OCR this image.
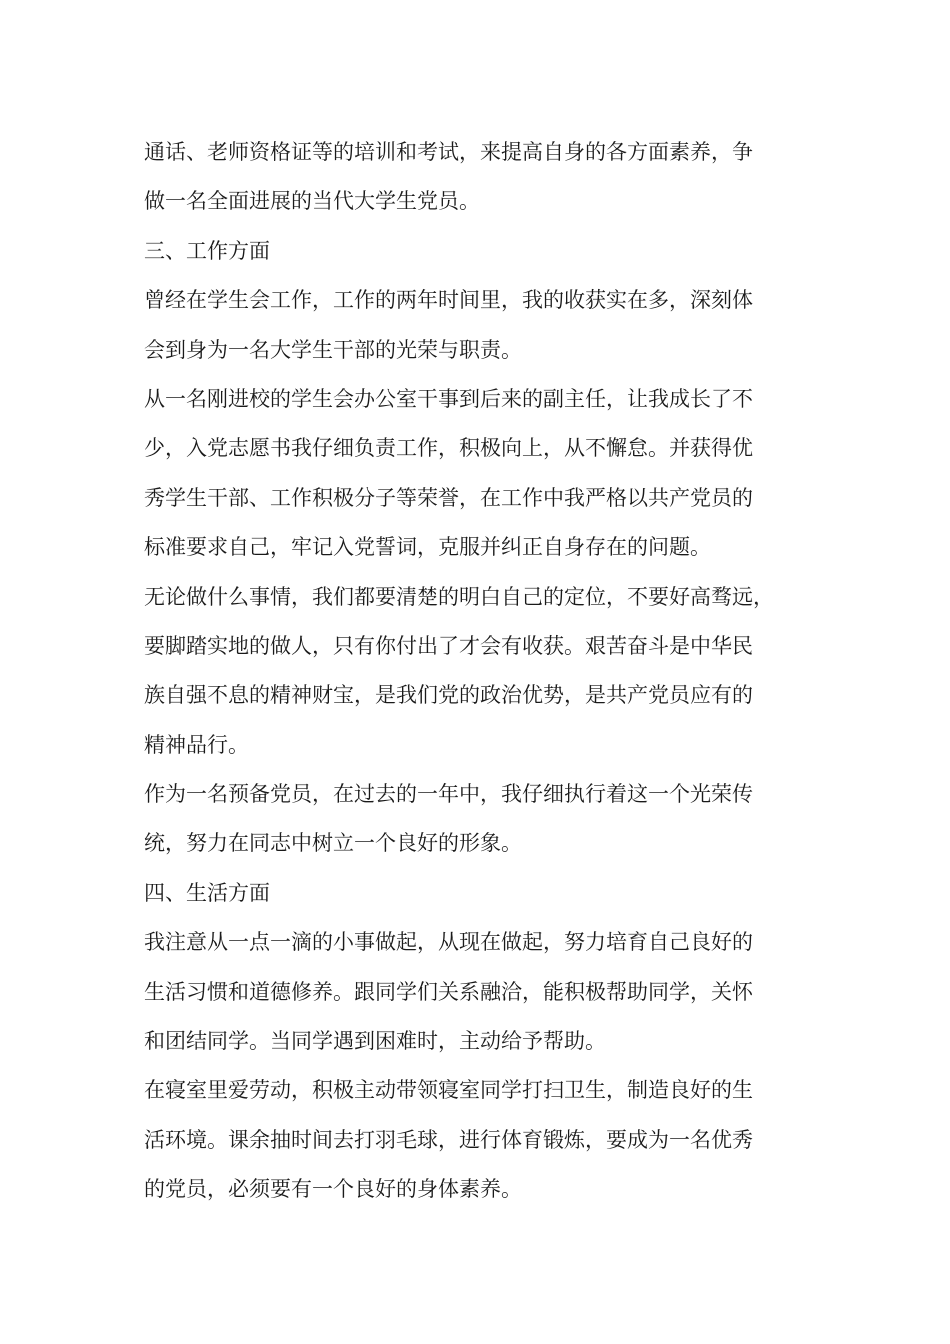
通话、老师资格证等的培训和考试，来提高自身的各方面素养，争
做一名全面进展的当代大学生党员。
三、工作方面
曾经在学生会工作，工作的两年时间里，我的收获实在多，深刻体
会到身为一名大学生干部的光荣与职责。
从一名刚进校的学生会办公室干事到后来的副主任，让我成长了不
少，入党志愿书我仔细负责工作，积极向上，从不懈怠。并获得优
秀学生干部、工作积极分子等荣誉，在工作中我严格以共产党员的
标准要求自己，牢记入党誓词，克服并纠正自身存在的问题。
无论做什么事情，我们都要清楚的明白自己的定位，不要好高骛远，
要脚踏实地的做人，只有你付出了才会有收获。艰苦奋斗是中华民
族自强不息的精神财宝，是我们党的政治优势，是共产党员应有的
精神品行。
作为一名预备党员，在过去的一年中，我仔细执行着这一个光荣传
统，努力在同志中树立一个良好的形象。
四、生活方面
我注意从一点一滴的小事做起，从现在做起，努力培育自己良好的
生活习惯和道德修养。跟同学们关系融洽，能积极帮助同学，关怀
和团结同学。当同学遇到困难时，主动给予帮助。
在寝室里爱劳动，积极主动带领寝室同学打扫卫生，制造良好的生
活环境。课余抽时间去打羽毛球，进行体育锻炼，要成为一名优秀
的党员，必须要有一个良好的身体素养。
